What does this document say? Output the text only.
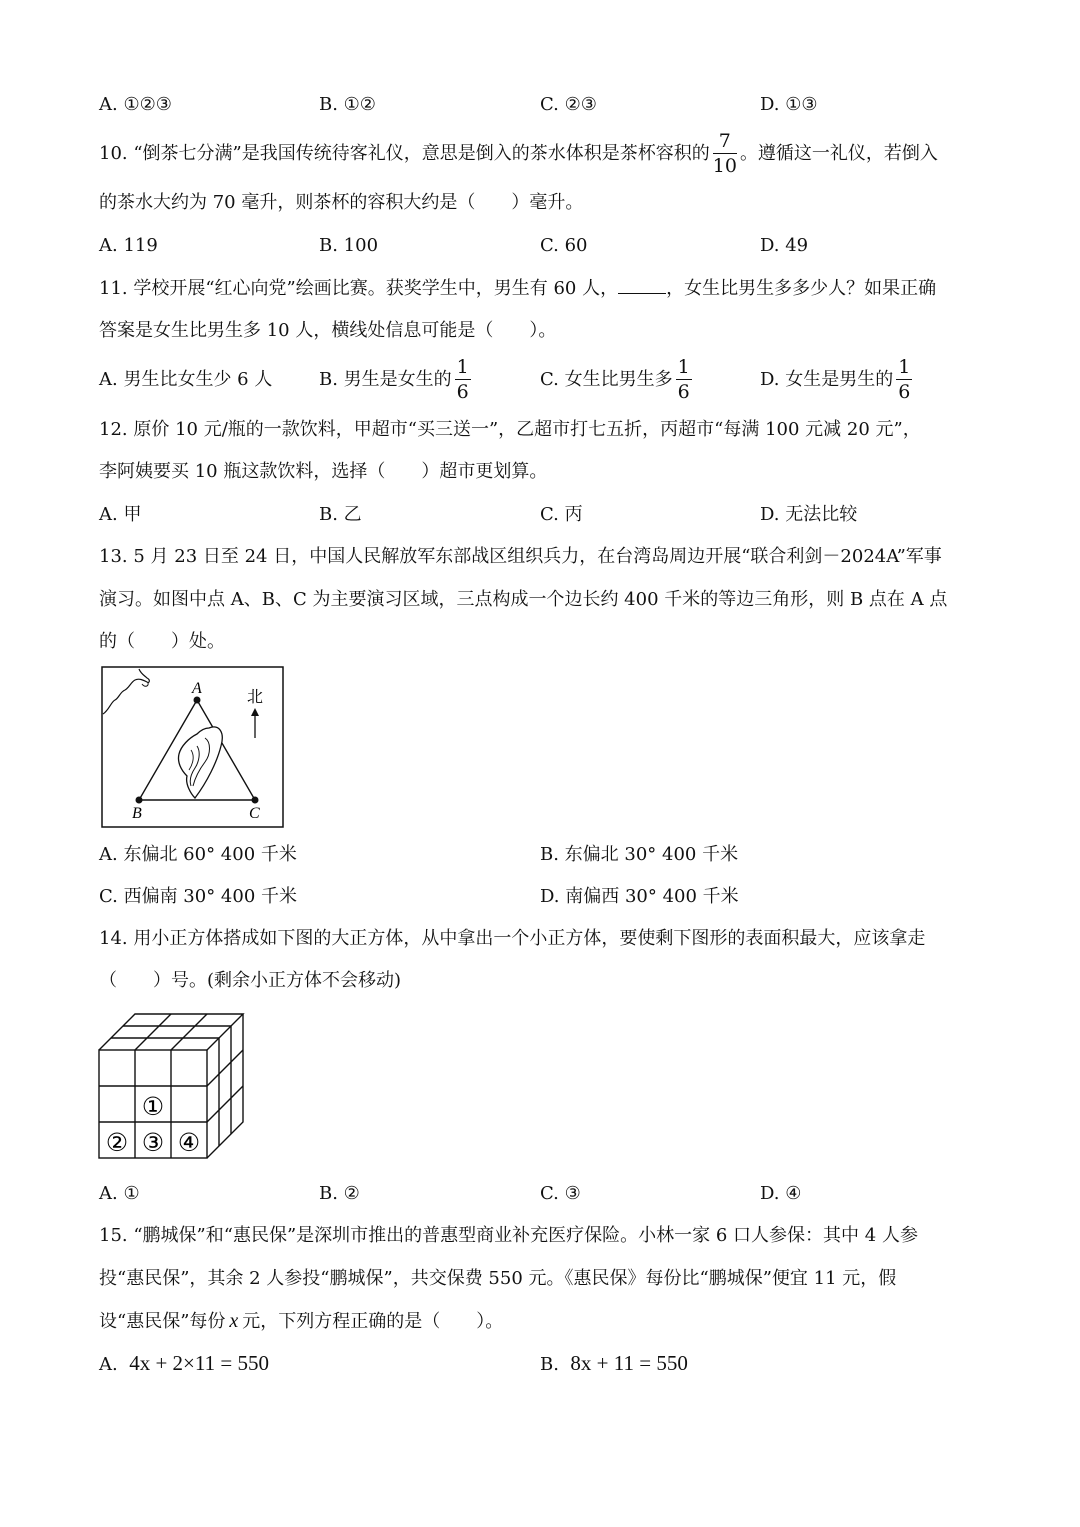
A. ①②③	B. ①②	C. ②③	D. ①③
10. “倒茶七分满”是我国传统待客礼仪，意思是倒入的茶水体积是茶杯容积的 $\frac{7}{10}$ 。遵循这一礼仪，若倒入
的茶水大约为 70 毫升，则茶杯的容积大约是（　　）毫升。
A. 119	B. 100	C. 60	D. 49
11. 学校开展“红心向党”绘画比赛。获奖学生中，男生有 60 人，	，女生比男生多多少人？如果正确
答案是女生比男生多 10 人，横线处信息可能是（　　）。
A. 男生比女生少 6 人	B. 男生是女生的 $\frac{1}{6}$	C. 女生比男生多 $\frac{1}{6}$	D. 女生是男生的 $\frac{1}{6}$
12. 原价 10 元/瓶的一款饮料，甲超市“买三送一”，乙超市打七五折，丙超市“每满 100 元减 20 元”，
李阿姨要买 10 瓶这款饮料，选择（　　）超市更划算。
A. 甲	B. 乙	C. 丙	D. 无法比较
13. 5 月 23 日至 24 日，中国人民解放军东部战区组织兵力，在台湾岛周边开展“联合利剑－2024A”军事
演习。如图中点 A、B、C 为主要演习区域，三点构成一个边长约 400 千米的等边三角形，则 B 点在 A 点
的（　　）处。
A
B	C
北
A. 东偏北 60° 400 千米	B. 东偏北 30° 400 千米
C. 西偏南 30° 400 千米	D. 南偏西 30° 400 千米
14. 用小正方体搭成如下图的大正方体，从中拿出一个小正方体，要使剩下图形的表面积最大，应该拿走
（　　）号。(剩余小正方体不会移动)
①
② ③ ④
A. ①	B. ②	C. ③	D. ④
15. “鹏城保”和“惠民保”是深圳市推出的普惠型商业补充医疗保险。小林一家 6 口人参保：其中 4 人参
投“惠民保”，其余 2 人参投“鹏城保”，共交保费 550 元。《惠民保》每份比“鹏城保”便宜 11 元，假
设“惠民保”每份 x 元，下列方程正确的是（　　）。
A. 4x + 2×11 = 550	B. 8x + 11 = 550
